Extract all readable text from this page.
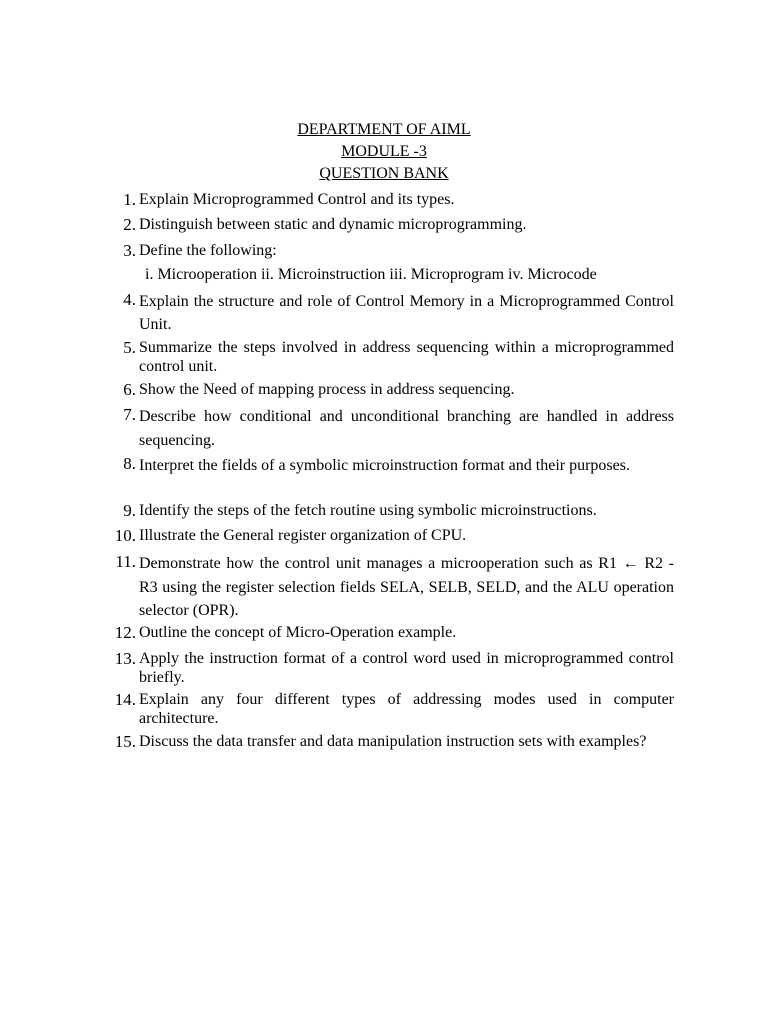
DEPARTMENT OF AIML
MODULE -3
QUESTION BANK
1. Explain Microprogrammed Control and its types.
2. Distinguish between static and dynamic microprogramming.
3. Define the following:
i. Microoperation ii. Microinstruction iii. Microprogram iv. Microcode
4. Explain the structure and role of Control Memory in a Microprogrammed Control Unit.
5. Summarize the steps involved in address sequencing within a microprogrammed control unit.
6. Show the Need of mapping process in address sequencing.
7. Describe how conditional and unconditional branching are handled in address sequencing.
8. Interpret the fields of a symbolic microinstruction format and their purposes.
9. Identify the steps of the fetch routine using symbolic microinstructions.
10. Illustrate the General register organization of CPU.
11. Demonstrate how the control unit manages a microoperation such as R1 ← R2 - R3 using the register selection fields SELA, SELB, SELD, and the ALU operation selector (OPR).
12. Outline the concept of Micro-Operation example.
13. Apply the instruction format of a control word used in microprogrammed control briefly.
14. Explain any four different types of addressing modes used in computer architecture.
15. Discuss the data transfer and data manipulation instruction sets with examples?
